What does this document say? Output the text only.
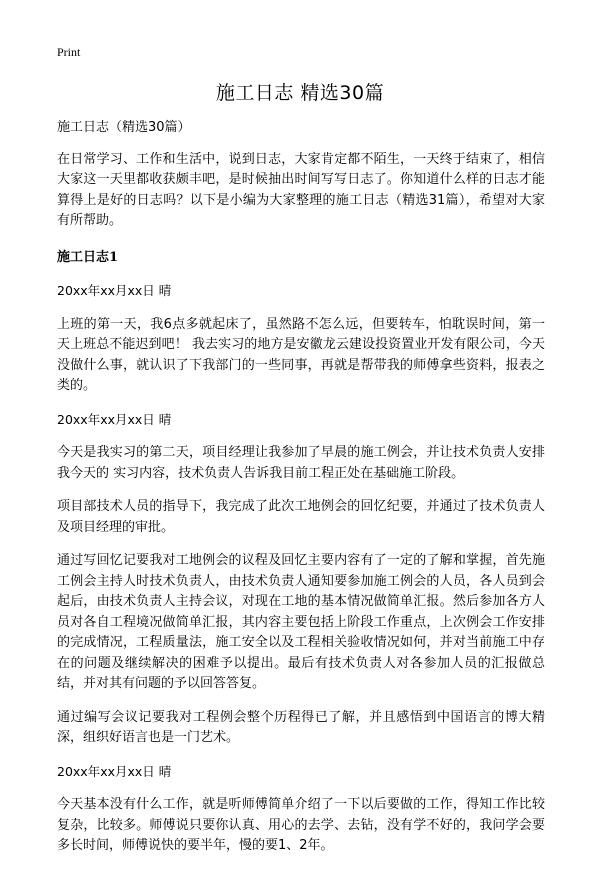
Print
施工日志 精选30篇

施工日志（精选30篇）

在日常学习、工作和生活中，说到日志，大家肯定都不陌生，一天终于结束了，相信大家这一天里都收获颇丰吧，是时候抽出时间写写日志了。你知道什么样的日志才能算得上是好的日志吗？以下是小编为大家整理的施工日志（精选31篇），希望对大家有所帮助。

施工日志1

20xx年xx月xx日 晴

上班的第一天，我6点多就起床了，虽然路不怎么远，但要转车，怕耽误时间，第一天上班总不能迟到吧！ 我去实习的地方是安徽龙云建设投资置业开发有限公司，今天没做什么事，就认识了下我部门的一些同事，再就是帮带我的师傅拿些资料，报表之类的。

20xx年xx月xx日 晴

今天是我实习的第二天，项目经理让我参加了早晨的施工例会，并让技术负责人安排我今天的 实习内容，技术负责人告诉我目前工程正处在基础施工阶段。

项目部技术人员的指导下，我完成了此次工地例会的回忆纪要，并通过了技术负责人及项目经理的审批。

通过写回忆记要我对工地例会的议程及回忆主要内容有了一定的了解和掌握，首先施工例会主持人时技术负责人，由技术负责人通知要参加施工例会的人员，各人员到会起后，由技术负责人主持会议，对现在工地的基本情况做简单汇报。然后参加各方人员对各自工程境况做简单汇报，其内容主要包括上阶段工作重点，上次例会工作安排的完成情况，工程质量法，施工安全以及工程相关验收情况如何，并对当前施工中存在的问题及继续解决的困难予以提出。最后有技术负责人对各参加人员的汇报做总结，并对其有问题的予以回答答复。

通过编写会议记要我对工程例会整个历程得已了解，并且感悟到中国语言的博大精深，组织好语言也是一门艺术。

20xx年xx月xx日 晴

今天基本没有什么工作，就是听师傅简单介绍了一下以后要做的工作，得知工作比较复杂，比较多。师傅说只要你认真、用心的去学、去钻，没有学不好的，我问学会要多长时间，师傅说快的要半年，慢的要1、2年。
